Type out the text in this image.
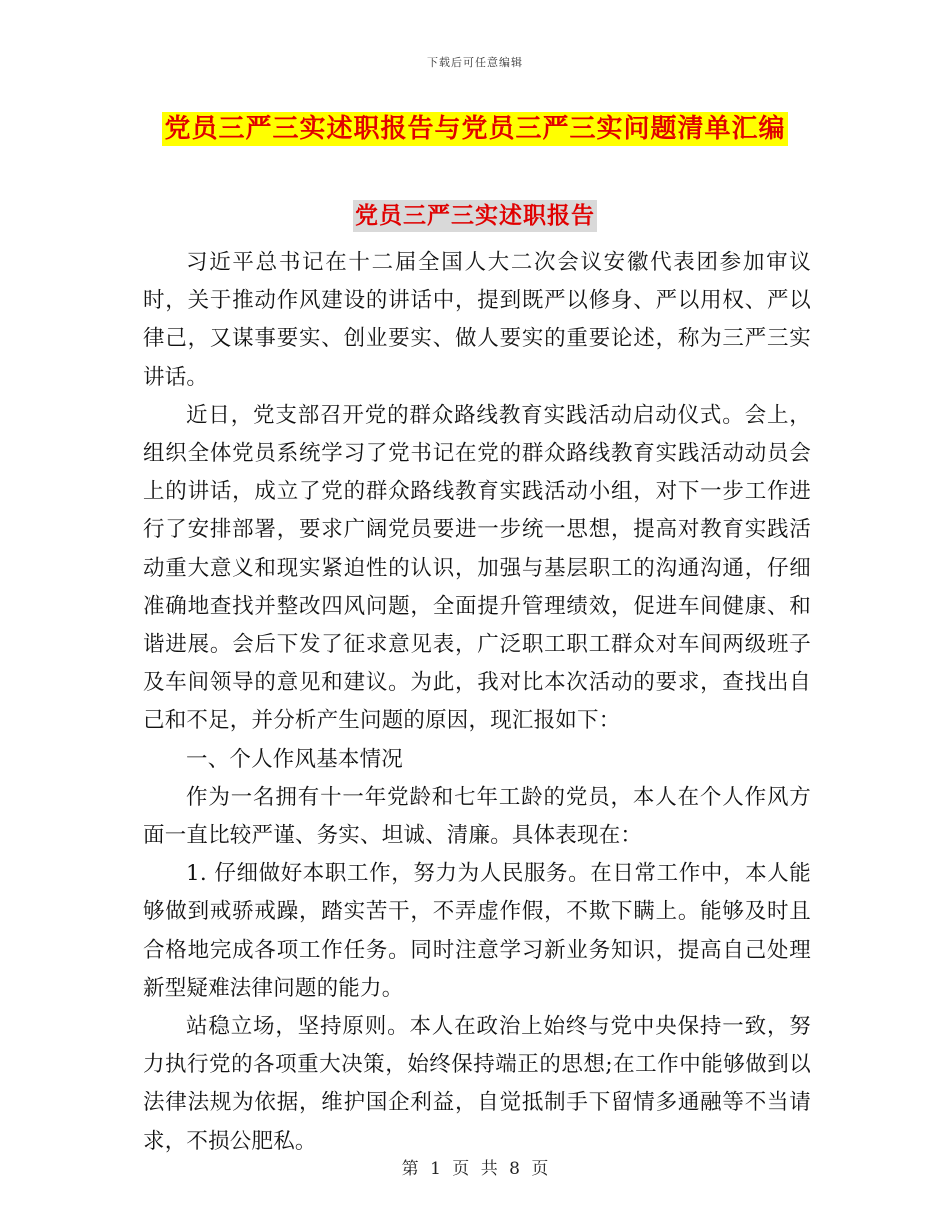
下载后可任意编辑
党员三严三实述职报告与党员三严三实问题清单汇编
党员三严三实述职报告

习近平总书记在十二届全国人大二次会议安徽代表团参加审议时，关于推动作风建设的讲话中，提到既严以修身、严以用权、严以律己，又谋事要实、创业要实、做人要实的重要论述，称为三严三实讲话。

近日，党支部召开党的群众路线教育实践活动启动仪式。会上，组织全体党员系统学习了党书记在党的群众路线教育实践活动动员会上的讲话，成立了党的群众路线教育实践活动小组，对下一步工作进行了安排部署，要求广阔党员要进一步统一思想，提高对教育实践活动重大意义和现实紧迫性的认识，加强与基层职工的沟通沟通，仔细准确地查找并整改四风问题，全面提升管理绩效，促进车间健康、和谐进展。会后下发了征求意见表，广泛职工职工群众对车间两级班子及车间领导的意见和建议。为此，我对比本次活动的要求，查找出自己和不足，并分析产生问题的原因，现汇报如下：

一、个人作风基本情况

作为一名拥有十一年党龄和七年工龄的党员，本人在个人作风方面一直比较严谨、务实、坦诚、清廉。具体表现在：

1. 仔细做好本职工作，努力为人民服务。在日常工作中，本人能够做到戒骄戒躁，踏实苦干，不弄虚作假，不欺下瞒上。能够及时且合格地完成各项工作任务。同时注意学习新业务知识，提高自己处理新型疑难法律问题的能力。

站稳立场，坚持原则。本人在政治上始终与党中央保持一致，努力执行党的各项重大决策，始终保持端正的思想;在工作中能够做到以法律法规为依据，维护国企利益，自觉抵制手下留情多通融等不当请求，不损公肥私。

第 1 页 共 8 页
